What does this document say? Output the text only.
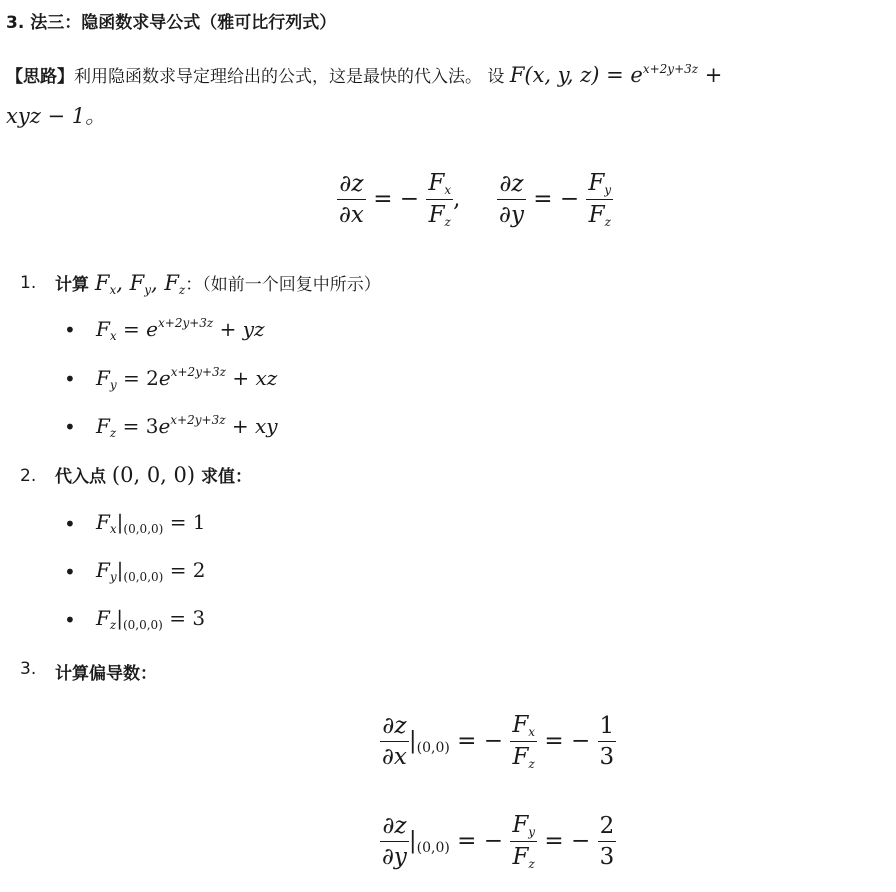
3. 法三：隐函数求导公式（雅可比行列式）
【思路】利用隐函数求导定理给出的公式，这是最快的代入法。 设 F(x, y, $z) = e^{x+2y+3z}$ +
xyz − 1。
$\frac{\partial z}{\partial x}$ = − $\frac{F_x}{F_z}$ , $\frac{\partial z}{\partial y}$ = − $\frac{F_y}{F_z}$
1. 计算 $F_x$, $F_y$, $F_z$：（如前一个回复中所示）
• $F_x = e^{x+2y+3z}$ + yz
• $F_y = 2e^{x+2y+3z}$ + xz
• $F_z = 3e^{x+2y+3z}$ + xy
2. 代入点 (0, 0, 0) 求值：
• $F_x|_{(0,0,0)} = 1$
• $F_y|_{(0,0,0)} = 2$
• $F_z|_{(0,0,0)} = 3$
3. 计算偏导数：
$\frac{\partial z}{\partial x} |_{(0,0)}$ = − $\frac{F_x}{F_z}$ = − $\frac{1}{3}$
$\frac{\partial z}{\partial y} |_{(0,0)}$ = − $\frac{F_y}{F_z}$ = − $\frac{2}{3}$
